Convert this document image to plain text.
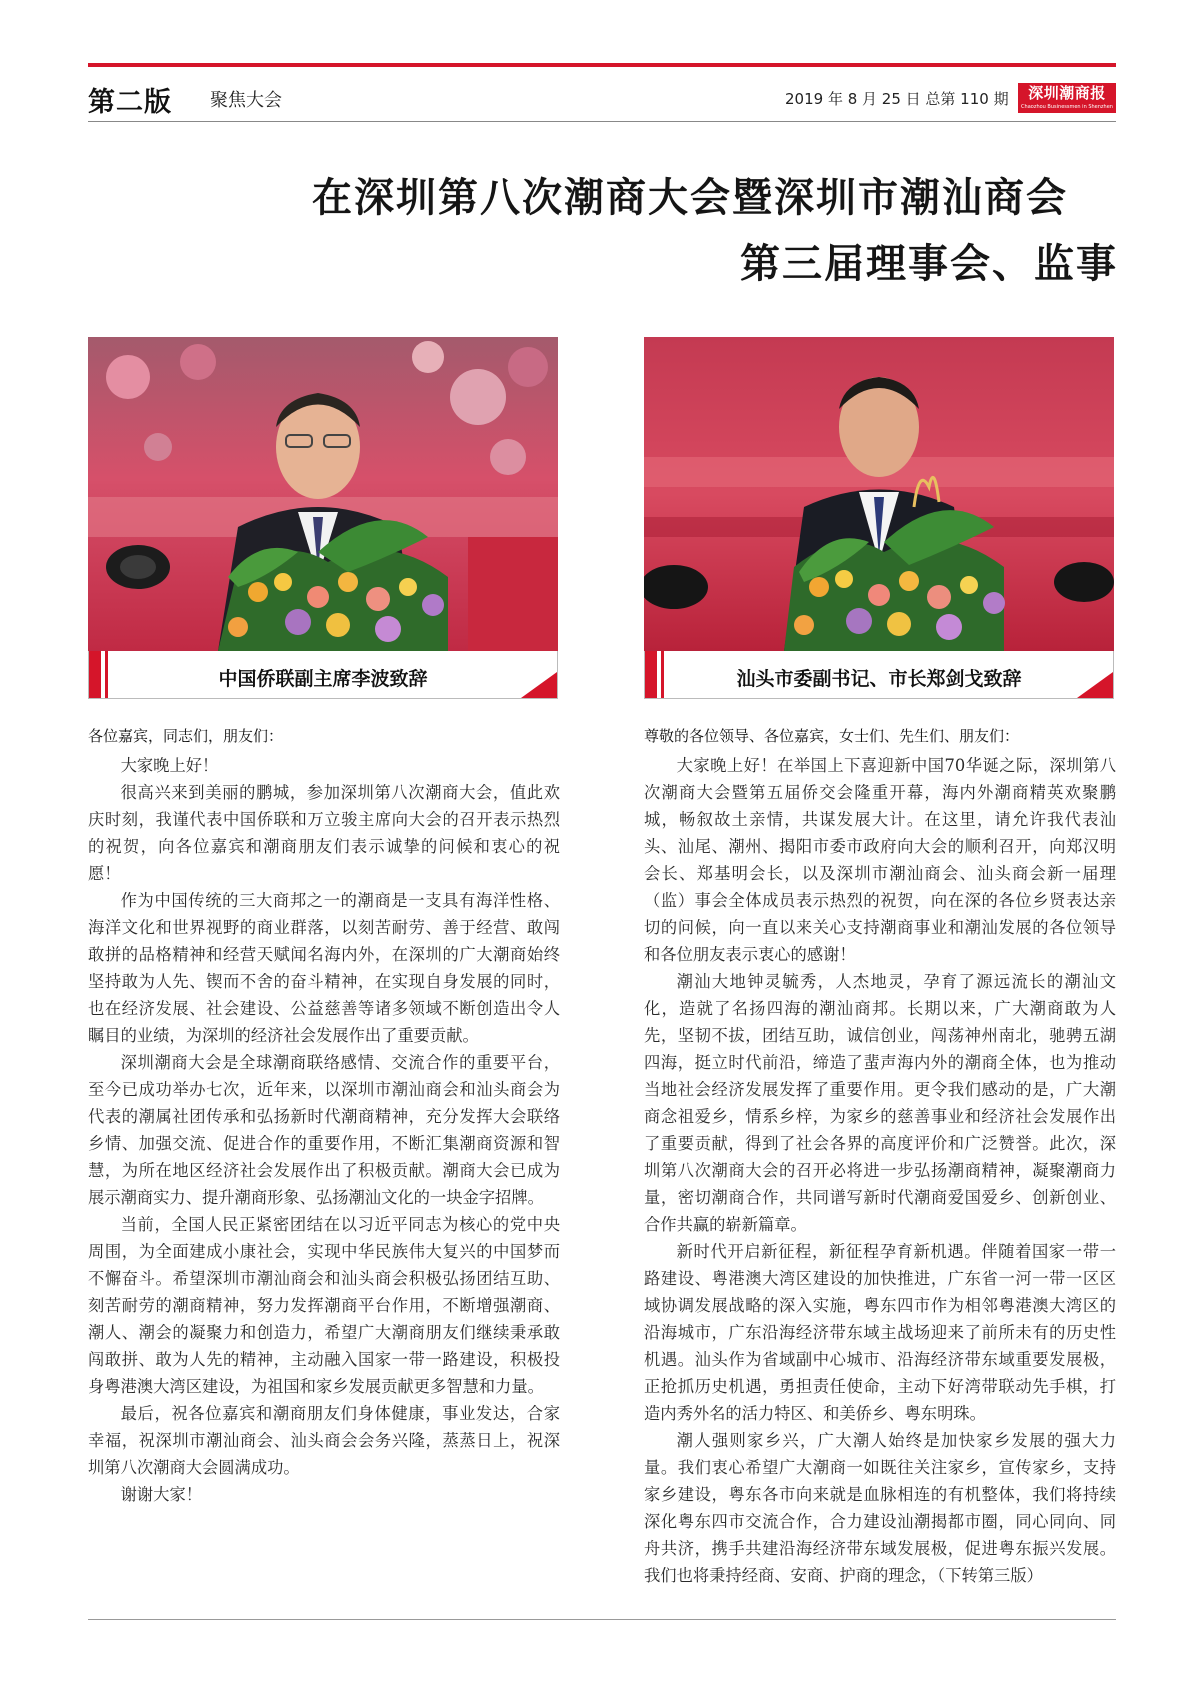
第二版 聚焦大会	2019 年 8 月 25 日 总第 110 期	深圳潮商报
Chaozhou Businessmen in Shenzhen
在深圳第八次潮商大会暨深圳市潮汕商会
第三届理事会、监事
中国侨联副主席李波致辞	汕头市委副书记、市长郑剑戈致辞

各位嘉宾，同志们，朋友们：

大家晚上好！

很高兴来到美丽的鹏城，参加深圳第八次潮商大会，值此欢庆时刻，我谨代表中国侨联和万立骏主席向大会的召开表示热烈的祝贺，向各位嘉宾和潮商朋友们表示诚挚的问候和衷心的祝愿！

作为中国传统的三大商邦之一的潮商是一支具有海洋性格、海洋文化和世界视野的商业群落，以刻苦耐劳、善于经营、敢闯敢拼的品格精神和经营天赋闻名海内外，在深圳的广大潮商始终坚持敢为人先、锲而不舍的奋斗精神，在实现自身发展的同时，也在经济发展、社会建设、公益慈善等诸多领域不断创造出令人瞩目的业绩，为深圳的经济社会发展作出了重要贡献。

深圳潮商大会是全球潮商联络感情、交流合作的重要平台，至今已成功举办七次，近年来，以深圳市潮汕商会和汕头商会为代表的潮属社团传承和弘扬新时代潮商精神，充分发挥大会联络乡情、加强交流、促进合作的重要作用，不断汇集潮商资源和智慧，为所在地区经济社会发展作出了积极贡献。潮商大会已成为展示潮商实力、提升潮商形象、弘扬潮汕文化的一块金字招牌。

当前，全国人民正紧密团结在以习近平同志为核心的党中央周围，为全面建成小康社会，实现中华民族伟大复兴的中国梦而不懈奋斗。希望深圳市潮汕商会和汕头商会积极弘扬团结互助、刻苦耐劳的潮商精神，努力发挥潮商平台作用，不断增强潮商、潮人、潮会的凝聚力和创造力，希望广大潮商朋友们继续秉承敢闯敢拼、敢为人先的精神，主动融入国家一带一路建设，积极投身粤港澳大湾区建设，为祖国和家乡发展贡献更多智慧和力量。

最后，祝各位嘉宾和潮商朋友们身体健康，事业发达，合家幸福，祝深圳市潮汕商会、汕头商会会务兴隆，蒸蒸日上，祝深圳第八次潮商大会圆满成功。

谢谢大家！

尊敬的各位领导、各位嘉宾，女士们、先生们、朋友们：

大家晚上好！在举国上下喜迎新中国70华诞之际，深圳第八次潮商大会暨第五届侨交会隆重开幕，海内外潮商精英欢聚鹏城，畅叙故土亲情，共谋发展大计。在这里，请允许我代表汕头、汕尾、潮州、揭阳市委市政府向大会的顺利召开，向郑汉明会长、郑基明会长，以及深圳市潮汕商会、汕头商会新一届理（监）事会全体成员表示热烈的祝贺，向在深的各位乡贤表达亲切的问候，向一直以来关心支持潮商事业和潮汕发展的各位领导和各位朋友表示衷心的感谢！

潮汕大地钟灵毓秀，人杰地灵，孕育了源远流长的潮汕文化，造就了名扬四海的潮汕商邦。长期以来，广大潮商敢为人先，坚韧不拔，团结互助，诚信创业，闯荡神州南北，驰骋五湖四海，挺立时代前沿，缔造了蜚声海内外的潮商全体，也为推动当地社会经济发展发挥了重要作用。更令我们感动的是，广大潮商念祖爱乡，情系乡梓，为家乡的慈善事业和经济社会发展作出了重要贡献，得到了社会各界的高度评价和广泛赞誉。此次，深圳第八次潮商大会的召开必将进一步弘扬潮商精神，凝聚潮商力量，密切潮商合作，共同谱写新时代潮商爱国爱乡、创新创业、合作共赢的崭新篇章。

新时代开启新征程，新征程孕育新机遇。伴随着国家一带一路建设、粤港澳大湾区建设的加快推进，广东省一河一带一区区域协调发展战略的深入实施，粤东四市作为相邻粤港澳大湾区的沿海城市，广东沿海经济带东域主战场迎来了前所未有的历史性机遇。汕头作为省域副中心城市、沿海经济带东域重要发展极，正抢抓历史机遇，勇担责任使命，主动下好湾带联动先手棋，打造内秀外名的活力特区、和美侨乡、粤东明珠。

潮人强则家乡兴，广大潮人始终是加快家乡发展的强大力量。我们衷心希望广大潮商一如既往关注家乡，宣传家乡，支持家乡建设，粤东各市向来就是血脉相连的有机整体，我们将持续深化粤东四市交流合作，合力建设汕潮揭都市圈，同心同向、同舟共济，携手共建沿海经济带东域发展极，促进粤东振兴发展。我们也将秉持经商、安商、护商的理念，（下转第三版）
